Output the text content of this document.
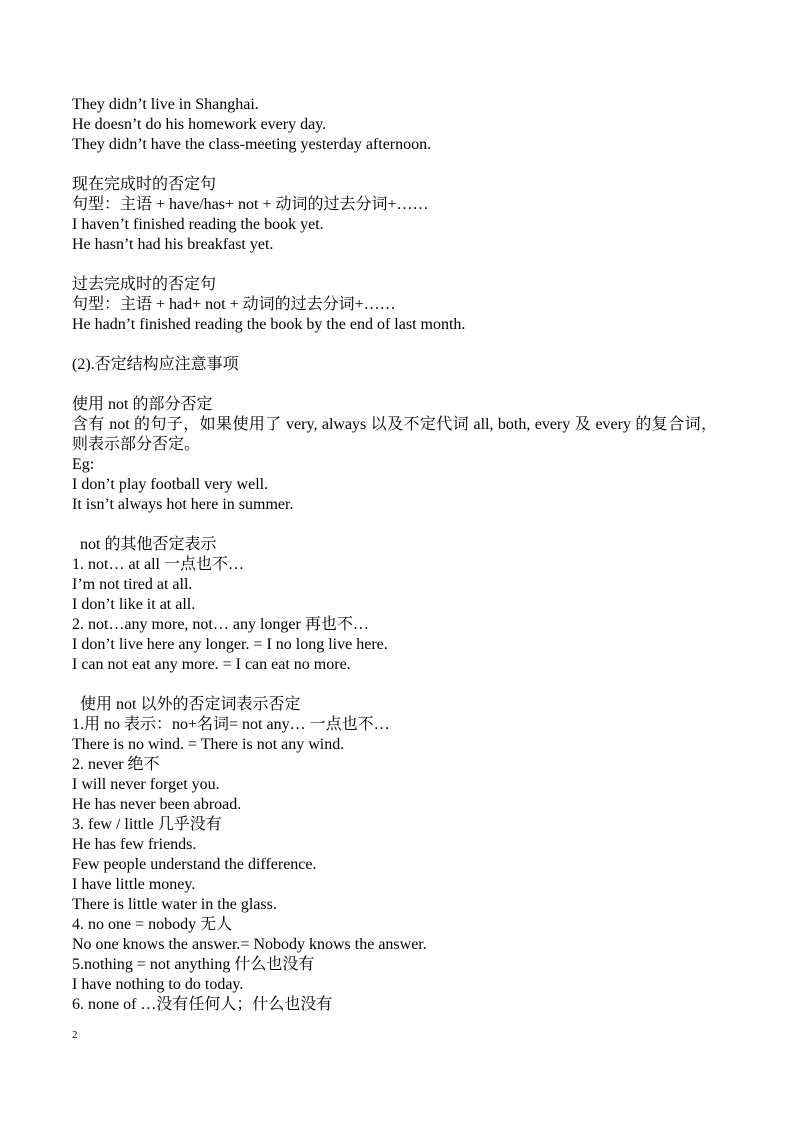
They didn’t live in Shanghai.
He doesn’t do his homework every day.
They didn’t have the class-meeting yesterday afternoon.
现在完成时的否定句
句型：主语 + have/has+ not + 动词的过去分词+……
I haven’t finished reading the book yet.
He hasn’t had his breakfast yet.
过去完成时的否定句
句型：主语 + had+ not + 动词的过去分词+……
He hadn’t finished reading the book by the end of last month.
(2).否定结构应注意事项
使用 not 的部分否定
含有 not 的句子，如果使用了 very, always 以及不定代词 all, both, every 及 every 的复合词，则表示部分否定。
Eg:
I don’t play football very well.
It isn’t always hot here in summer.
not 的其他否定表示
1. not… at all 一点也不…
I’m not tired at all.
I don’t like it at all.
2. not…any more, not… any longer 再也不…
I don’t live here any longer. = I no long live here.
I can not eat any more. = I can eat no more.
使用 not 以外的否定词表示否定
1.用 no 表示：no+名词= not any… 一点也不…
There is no wind. = There is not any wind.
2. never 绝不
I will never forget you.
He has never been abroad.
3. few / little 几乎没有
He has few friends.
Few people understand the difference.
I have little money.
There is little water in the glass.
4. no one = nobody 无人
No one knows the answer.= Nobody knows the answer.
5.nothing = not anything 什么也没有
I have nothing to do today.
6. none of …没有任何人；什么也没有
2
